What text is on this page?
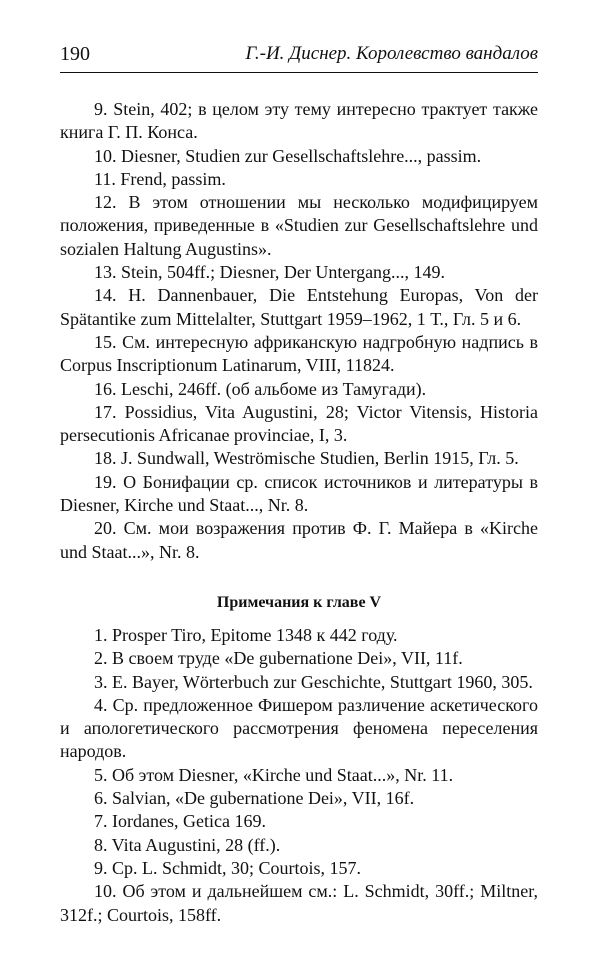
190	Г.-И. Диснер. Королевство вандалов

9. Stein, 402; в целом эту тему интересно трактует также книга Г. П. Конса.

10. Diesner, Studien zur Gesellschaftslehre..., passim.

11. Frend, passim.

12. В этом отношении мы несколько модифицируем положения, приведенные в «Studien zur Gesellschaftslehre und sozialen Haltung Augustins».

13. Stein, 504ff.; Diesner, Der Untergang..., 149.

14. H. Dannenbauer, Die Entstehung Europas, Von der Spätantike zum Mittelalter, Stuttgart 1959–1962, 1 Т., Гл. 5 и 6.

15. См. интересную африканскую надгробную надпись в Corpus Inscriptionum Latinarum, VIII, 11824.

16. Leschi, 246ff. (об альбоме из Тамугади).

17. Possidius, Vita Augustini, 28; Victor Vitensis, Historia persecutionis Africanae provinciae, I, 3.

18. J. Sundwall, Weströmische Studien, Berlin 1915, Гл. 5.

19. О Бонифации ср. список источников и литературы в Diesner, Kirche und Staat..., Nr. 8.

20. См. мои возражения против Ф. Г. Майера в «Kirche und Staat...», Nr. 8.

Примечания к главе V

1. Prosper Tiro, Epitome 1348 к 442 году.

2. В своем труде «De gubernatione Dei», VII, 11f.

3. E. Bayer, Wörterbuch zur Geschichte, Stuttgart 1960, 305.

4. Ср. предложенное Фишером различение аскетического и апологетического рассмотрения феномена переселения народов.

5. Об этом Diesner, «Kirche und Staat...», Nr. 11.

6. Salvian, «De gubernatione Dei», VII, 16f.

7. Iordanes, Getica 169.

8. Vita Augustini, 28 (ff.).

9. Ср. L. Schmidt, 30; Courtois, 157.

10. Об этом и дальнейшем см.: L. Schmidt, 30ff.; Miltner, 312f.; Courtois, 158ff.
